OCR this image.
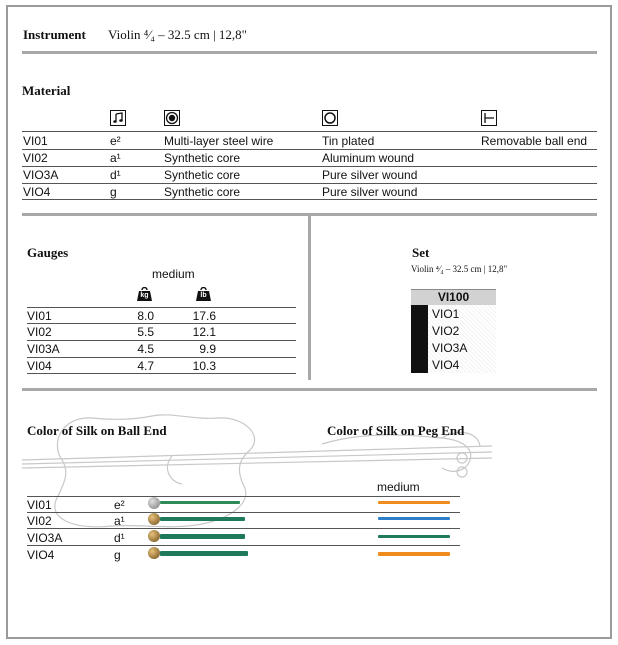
Instrument Violin ⁴⁄₄ – 32.5 cm | 12,8"
Material
VI01	e²	Multi-layer steel wire	Tin plated	Removable ball end
VI02	a¹	Synthetic core	Aluminum wound
VIO3A	d¹	Synthetic core	Pure silver wound
VIO4	g	Synthetic core	Pure silver wound
Gauges
medium
kg	lb
VI01	8.0	17.6
VI02	5.5	12.1
VI03A	4.5	9.9
VI04	4.7	10.3
Set
Violin ⁴⁄₄ – 32.5 cm | 12,8"
VI100
VIO1
VIO2
VIO3A
VIO4
Color of Silk on Ball End	Color of Silk on Peg End
medium
VI01	e²
VI02	a¹
VIO3A	d¹
VIO4	g
